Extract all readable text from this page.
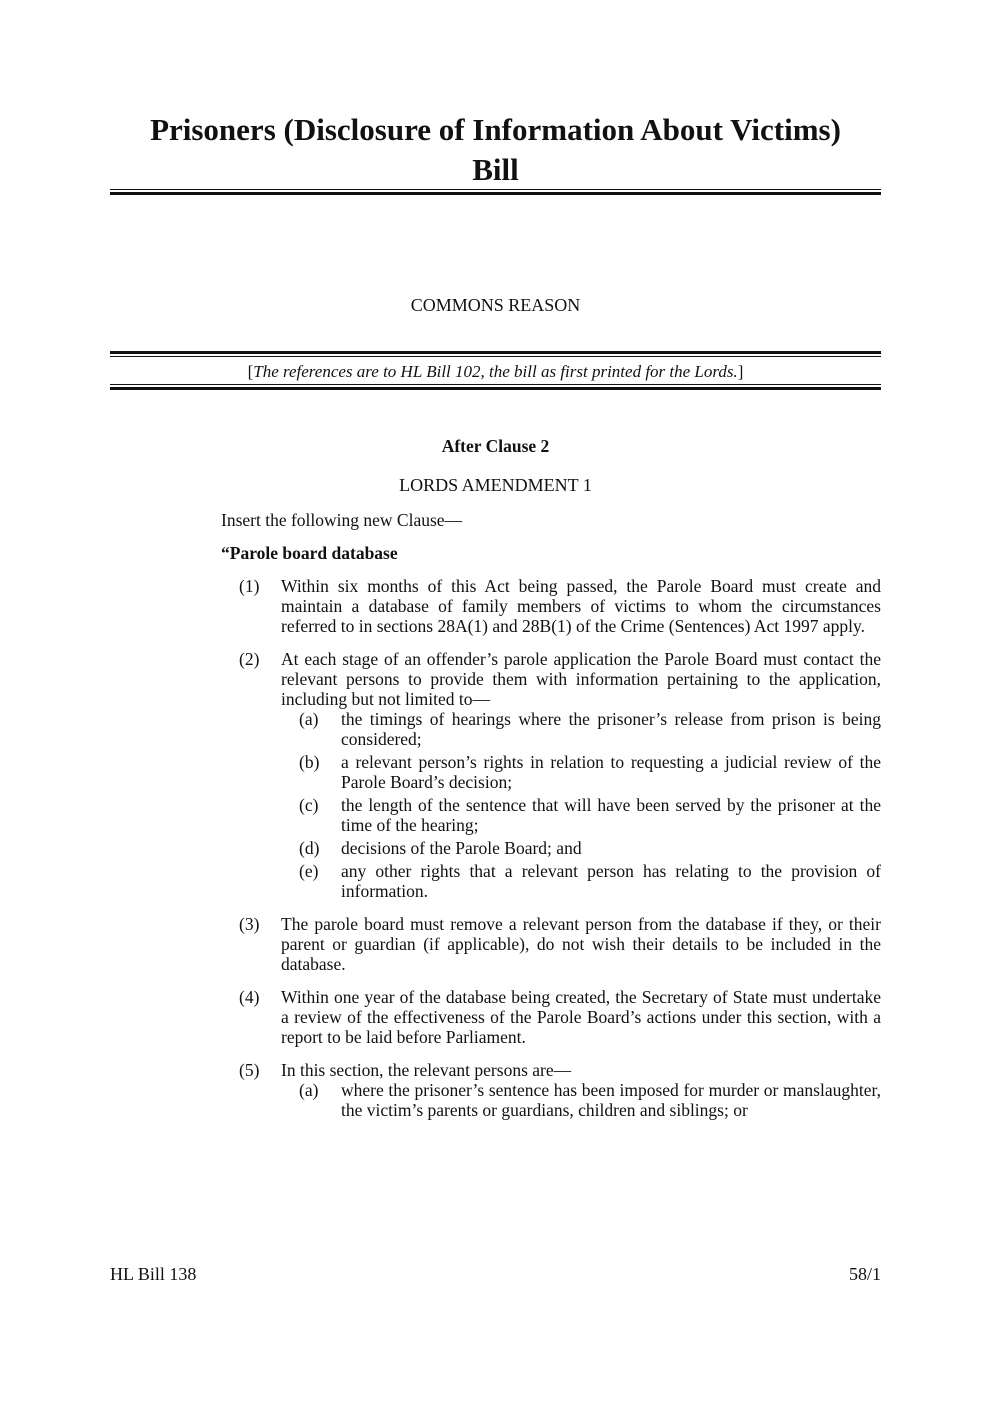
Prisoners (Disclosure of Information About Victims)
Bill
COMMONS REASON
[The references are to HL Bill 102, the bill as first printed for the Lords.]
After Clause 2
LORDS AMENDMENT 1

Insert the following new Clause—

“Parole board database

(1) Within six months of this Act being passed, the Parole Board must create and maintain a database of family members of victims to whom the circumstances referred to in sections 28A(1) and 28B(1) of the Crime (Sentences) Act 1997 apply.
(2) At each stage of an offender’s parole application the Parole Board must contact the relevant persons to provide them with information pertaining to the application, including but not limited to—
(a) the timings of hearings where the prisoner’s release from prison is being considered;
(b) a relevant person’s rights in relation to requesting a judicial review of the Parole Board’s decision;
(c) the length of the sentence that will have been served by the prisoner at the time of the hearing;
(d) decisions of the Parole Board; and
(e) any other rights that a relevant person has relating to the provision of information.
(3) The parole board must remove a relevant person from the database if they, or their parent or guardian (if applicable), do not wish their details to be included in the database.
(4) Within one year of the database being created, the Secretary of State must undertake a review of the effectiveness of the Parole Board’s actions under this section, with a report to be laid before Parliament.
(5) In this section, the relevant persons are—
(a) where the prisoner’s sentence has been imposed for murder or manslaughter, the victim’s parents or guardians, children and siblings; or
HL Bill 138	58/1
